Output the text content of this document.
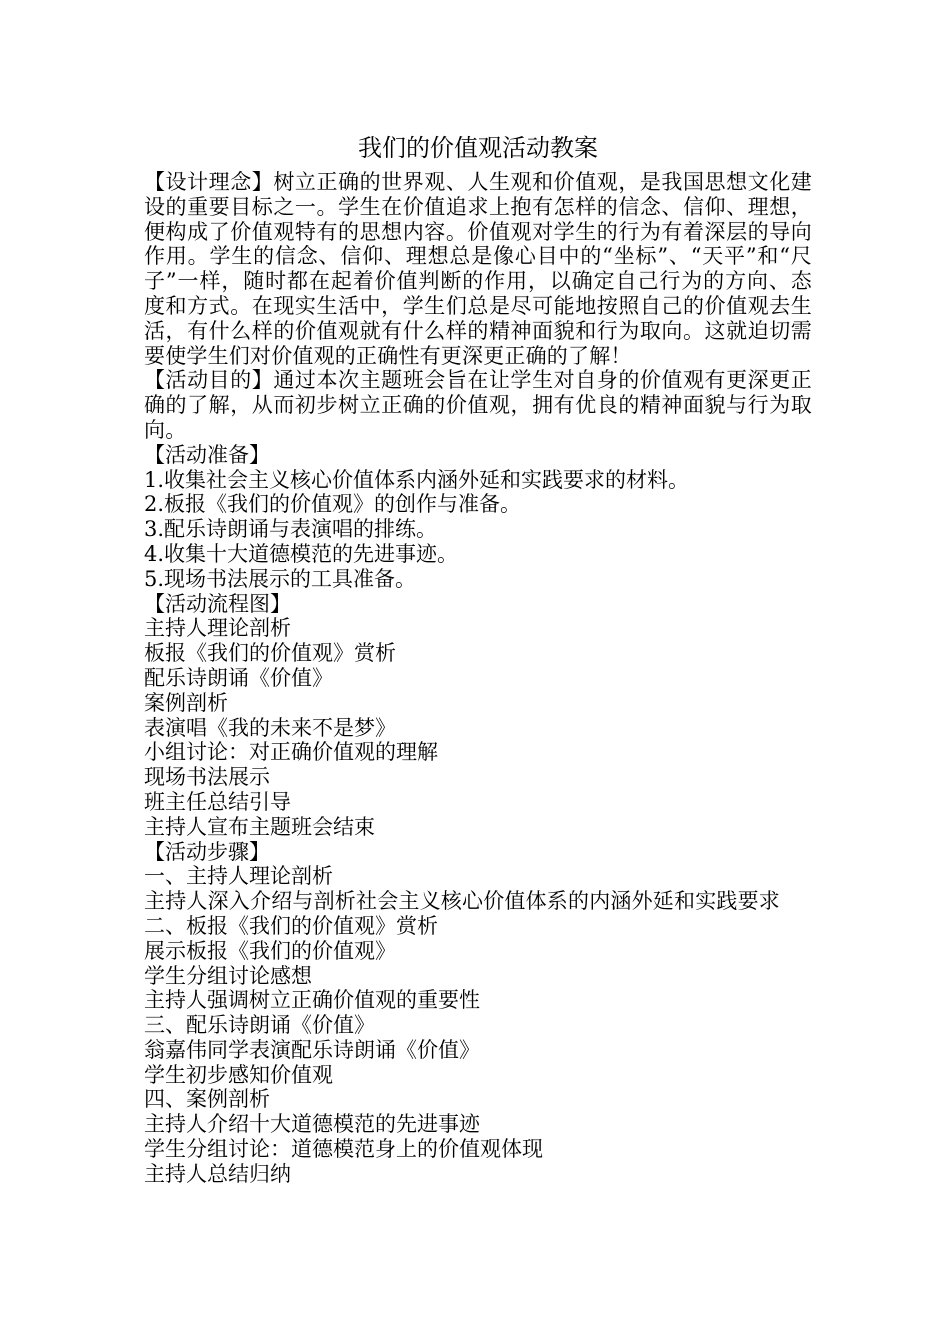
我们的价值观活动教案

【设计理念】树立正确的世界观、人生观和价值观，是我国思想文化建设的重要目标之一。学生在价值追求上抱有怎样的信念、信仰、理想，便构成了价值观特有的思想内容。价值观对学生的行为有着深层的导向作用。学生的信念、信仰、理想总是像心目中的“坐标”、“天平”和“尺子”一样，随时都在起着价值判断的作用，以确定自己行为的方向、态度和方式。在现实生活中，学生们总是尽可能地按照自己的价值观去生活，有什么样的价值观就有什么样的精神面貌和行为取向。这就迫切需要使学生们对价值观的正确性有更深更正确的了解！

【活动目的】通过本次主题班会旨在让学生对自身的价值观有更深更正确的了解，从而初步树立正确的价值观，拥有优良的精神面貌与行为取向。

【活动准备】

1.收集社会主义核心价值体系内涵外延和实践要求的材料。

2.板报《我们的价值观》的创作与准备。

3.配乐诗朗诵与表演唱的排练。

4.收集十大道德模范的先进事迹。

5.现场书法展示的工具准备。

【活动流程图】

主持人理论剖析

板报《我们的价值观》赏析

配乐诗朗诵《价值》

案例剖析

表演唱《我的未来不是梦》

小组讨论：对正确价值观的理解

现场书法展示

班主任总结引导

主持人宣布主题班会结束

【活动步骤】

一、主持人理论剖析

主持人深入介绍与剖析社会主义核心价值体系的内涵外延和实践要求

二、板报《我们的价值观》赏析

展示板报《我们的价值观》

学生分组讨论感想

主持人强调树立正确价值观的重要性

三、配乐诗朗诵《价值》

翁嘉伟同学表演配乐诗朗诵《价值》

学生初步感知价值观

四、案例剖析

主持人介绍十大道德模范的先进事迹

学生分组讨论：道德模范身上的价值观体现

主持人总结归纳
